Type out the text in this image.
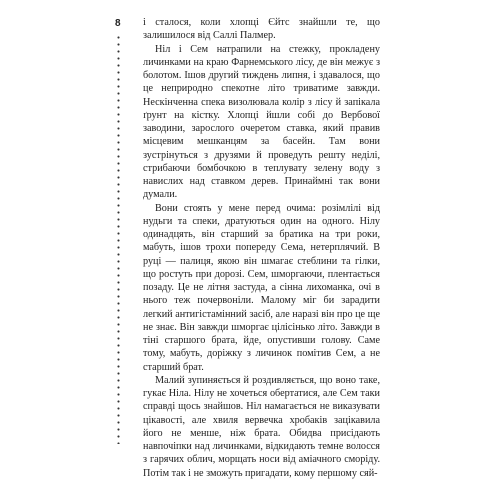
8 і сталося, коли хлопці Єйтс знайшли те, що залишилося від Саллі Палмер.

Ніл і Сем натрапили на стежку, прокладену личинками на краю Фарнемського лісу, де він межує з болотом. Ішов другий тиждень липня, і здавалося, що це неприродно спекотне літо триватиме завжди. Нескінченна спека визолювала колір з лісу й запікала ґрунт на кістку. Хлопці йшли собі до Вербової заводини, зарослого очеретом ставка, який правив місцевим мешканцям за басейн. Там вони зустрінуться з друзями й проведуть решту неділі, стрибаючи бомбочкою в теплувату зелену воду з навислих над ставком дерев. Принаймні так вони думали.

Вони стоять у мене перед очима: розімлілі від нудьги та спеки, дратуються один на одного. Нілу одинадцять, він старший за братика на три роки, мабуть, ішов трохи попереду Сема, нетерплячий. В руці — палиця, якою він шмагає стеблини та гілки, що ростуть при дорозі. Сем, шморгаючи, плентається позаду. Це не лiтня застуда, а сінна лихоманка, очі в нього теж почервоніли. Малому мiг би зарадити легкий антигістамінний засіб, але наразі він про це ще не знає. Він завжди шморгає цілісінько літо. Завжди в тіні старшого брата, йде, опустивши голову. Саме тому, мабуть, доріжку з личинок помітив Сем, а не старший брат.

Малий зупиняється й роздивляється, що воно таке, гукає Ніла. Нілу не хочеться обертатися, але Сем таки справді щось знайшов. Ніл намагається не виказувати цікавості, але хвиля вервечка хробаків зацікавила його не менше, ніж брата. Обидва присідають навпочіпки над личинками, відкидають темне волосся з гарячих облич, морщать носи від аміачного сморіду. Потім так і не зможуть пригадати, кому першому сяй-
